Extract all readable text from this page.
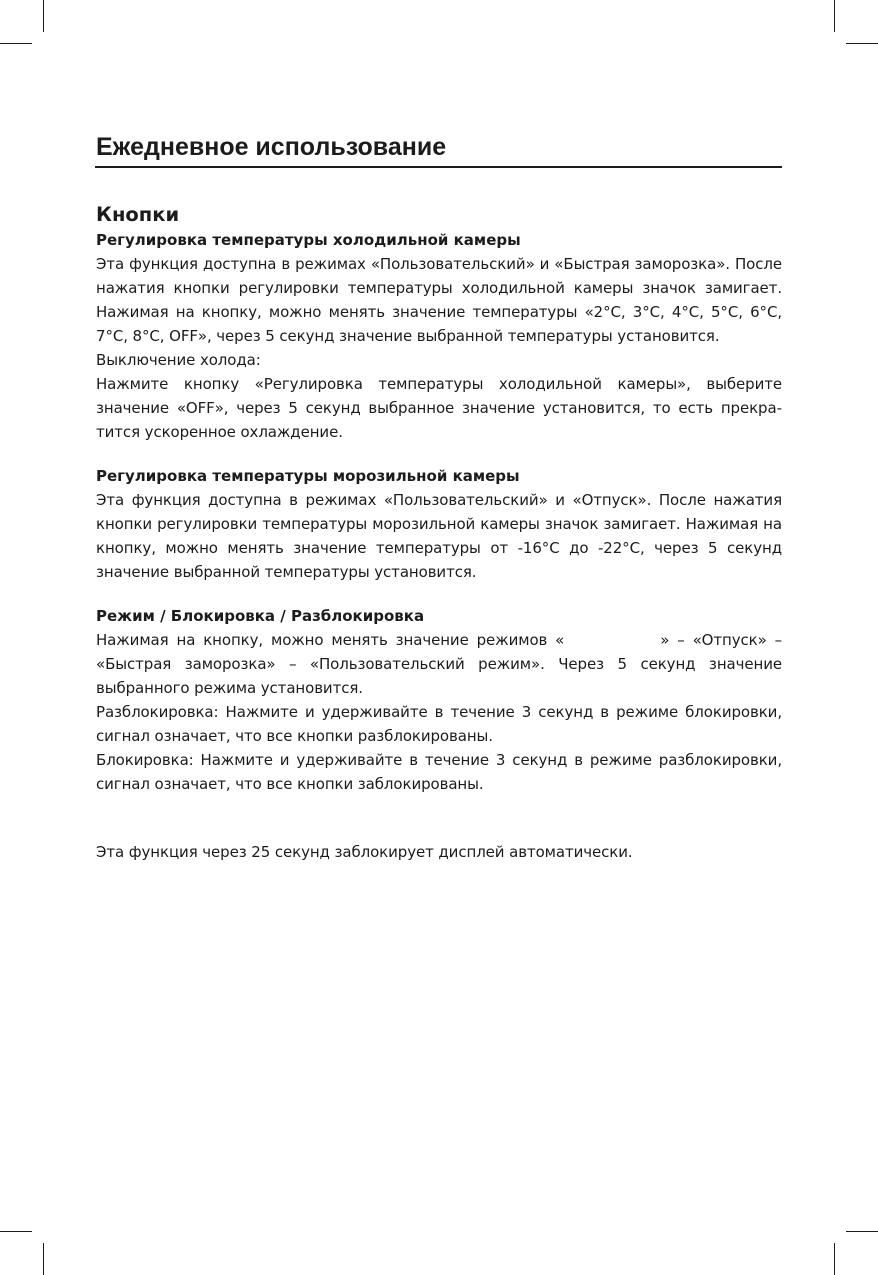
Ежедневное использование
Кнопки
Регулировка температуры холодильной камеры

Эта функция доступна в режимах «Пользовательский» и «Быстрая заморозка». После нажатия кнопки регулировки температуры холодильной камеры значок замигает. Нажимая на кнопку, можно менять значение температуры «2°C, 3°C, 4°C, 5°C, 6°C, 7°C, 8°C, OFF», через 5 секунд значение выбранной температуры установится.

Выключение холода:

Нажмите кнопку «Регулировка температуры холодильной камеры», выберите значение «OFF», через 5 секунд выбранное значение установится, то есть прекратится ускоренное охлаждение.

Регулировка температуры морозильной камеры

Эта функция доступна в режимах «Пользовательский» и «Отпуск». После нажатия кнопки регулировки температуры морозильной камеры значок замигает. Нажимая на кнопку, можно менять значение температуры от -16°C до -22°C, через 5 секунд значение выбранной температуры установится.

Режим / Блокировка / Разблокировка

Нажимая на кнопку, можно менять значение режимов «	» – «Отпуск» – «Быстрая заморозка» – «Пользовательский режим». Через 5 секунд значение выбранного режима установится.

Разблокировка: Нажмите и удерживайте в течение 3 секунд в режиме блокировки, сигнал означает, что все кнопки разблокированы.

Блокировка: Нажмите и удерживайте в течение 3 секунд в режиме разблокировки, сигнал означает, что все кнопки заблокированы.

Эта функция через 25 секунд заблокирует дисплей автоматически.
